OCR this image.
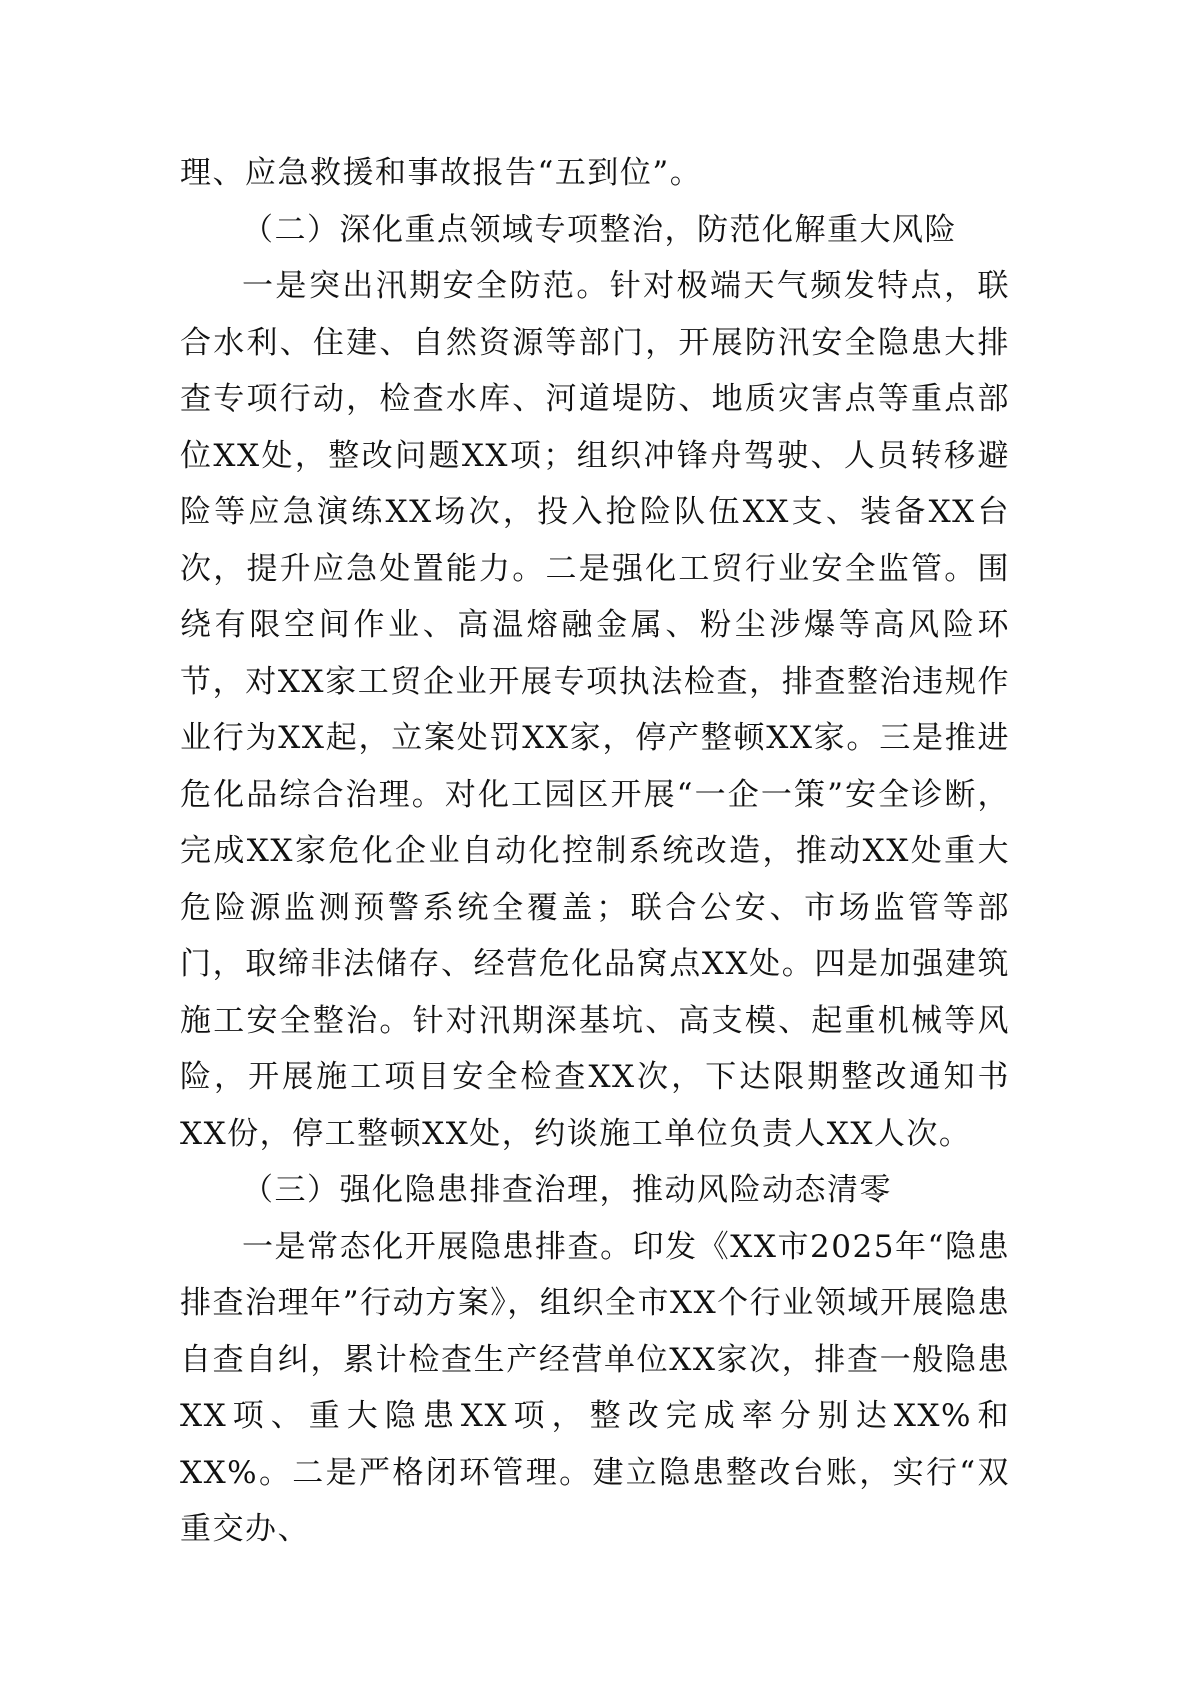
理、应急救援和事故报告“五到位”。

（二）深化重点领域专项整治，防范化解重大风险

一是突出汛期安全防范。针对极端天气频发特点，联合水利、住建、自然资源等部门，开展防汛安全隐患大排查专项行动，检查水库、河道堤防、地质灾害点等重点部位XX处，整改问题XX项；组织冲锋舟驾驶、人员转移避险等应急演练XX场次，投入抢险队伍XX支、装备XX台次，提升应急处置能力。二是强化工贸行业安全监管。围绕有限空间作业、高温熔融金属、粉尘涉爆等高风险环节，对XX家工贸企业开展专项执法检查，排查整治违规作业行为XX起，立案处罚XX家，停产整顿XX家。三是推进危化品综合治理。对化工园区开展“一企一策”安全诊断，完成XX家危化企业自动化控制系统改造，推动XX处重大危险源监测预警系统全覆盖；联合公安、市场监管等部门，取缔非法储存、经营危化品窝点XX处。四是加强建筑施工安全整治。针对汛期深基坑、高支模、起重机械等风险，开展施工项目安全检查XX次，下达限期整改通知书XX份，停工整顿XX处，约谈施工单位负责人XX人次。

（三）强化隐患排查治理，推动风险动态清零

一是常态化开展隐患排查。印发《XX市2025年“隐患排查治理年”行动方案》，组织全市XX个行业领域开展隐患自查自纠，累计检查生产经营单位XX家次，排查一般隐患XX项、重大隐患XX项，整改完成率分别达XX%和XX%。二是严格闭环管理。建立隐患整改台账，实行“双重交办、
